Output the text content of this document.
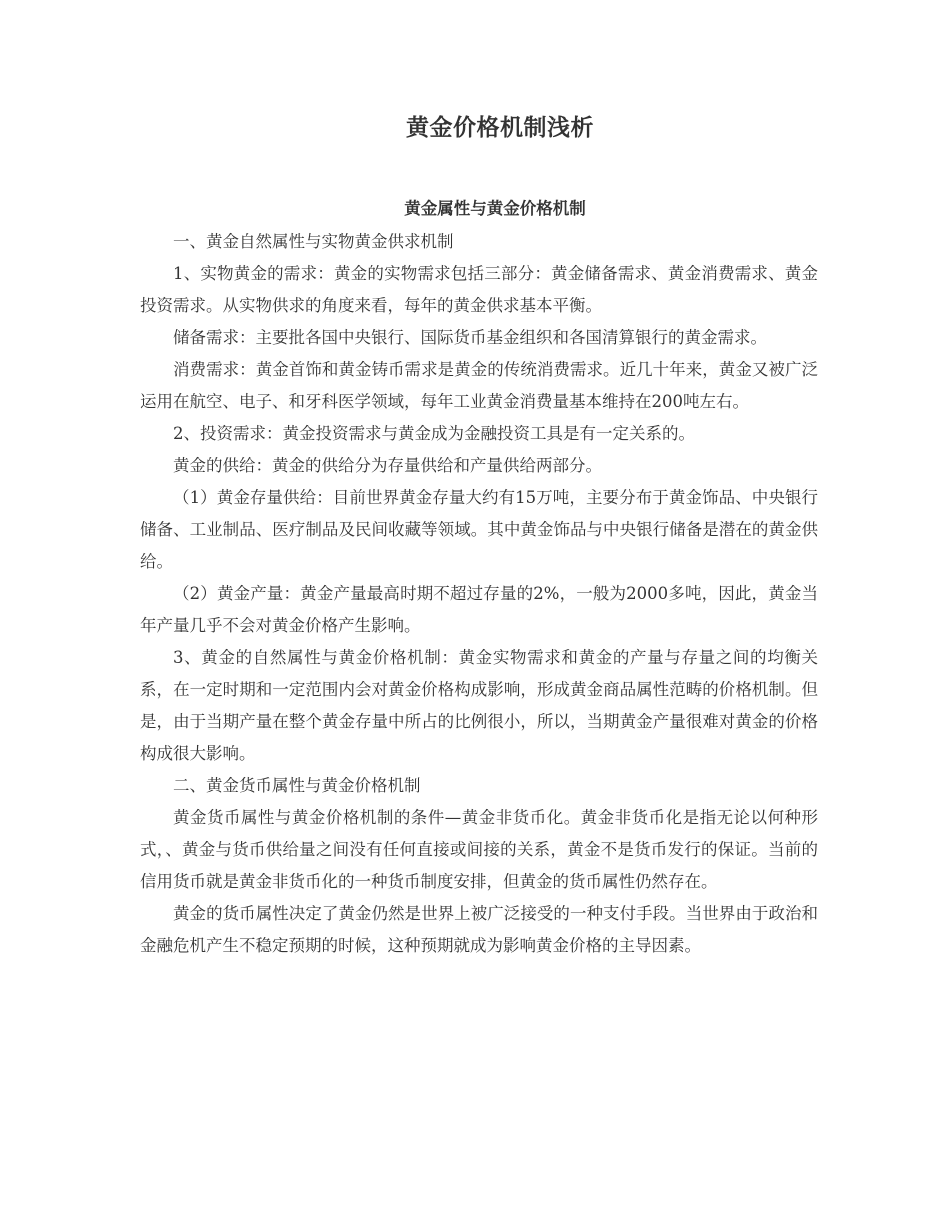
黄金价格机制浅析
黄金属性与黄金价格机制

一、黄金自然属性与实物黄金供求机制

1、实物黄金的需求：黄金的实物需求包括三部分：黄金储备需求、黄金消费需求、黄金投资需求。从实物供求的角度来看，每年的黄金供求基本平衡。

储备需求：主要批各国中央银行、国际货币基金组织和各国清算银行的黄金需求。

消费需求：黄金首饰和黄金铸币需求是黄金的传统消费需求。近几十年来，黄金又被广泛运用在航空、电子、和牙科医学领域，每年工业黄金消费量基本维持在200吨左右。

2、投资需求：黄金投资需求与黄金成为金融投资工具是有一定关系的。

黄金的供给：黄金的供给分为存量供给和产量供给两部分。

（1）黄金存量供给：目前世界黄金存量大约有15万吨，主要分布于黄金饰品、中央银行储备、工业制品、医疗制品及民间收藏等领域。其中黄金饰品与中央银行储备是潜在的黄金供给。

（2）黄金产量：黄金产量最高时期不超过存量的2%，一般为2000多吨，因此，黄金当年产量几乎不会对黄金价格产生影响。

3、黄金的自然属性与黄金价格机制：黄金实物需求和黄金的产量与存量之间的均衡关系，在一定时期和一定范围内会对黄金价格构成影响，形成黄金商品属性范畴的价格机制。但是，由于当期产量在整个黄金存量中所占的比例很小，所以，当期黄金产量很难对黄金的价格构成很大影响。

二、黄金货币属性与黄金价格机制

黄金货币属性与黄金价格机制的条件—黄金非货币化。黄金非货币化是指无论以何种形式，、黄金与货币供给量之间没有任何直接或间接的关系，黄金不是货币发行的保证。当前的信用货币就是黄金非货币化的一种货币制度安排，但黄金的货币属性仍然存在。

黄金的货币属性决定了黄金仍然是世界上被广泛接受的一种支付手段。当世界由于政治和金融危机产生不稳定预期的时候，这种预期就成为影响黄金价格的主导因素。
